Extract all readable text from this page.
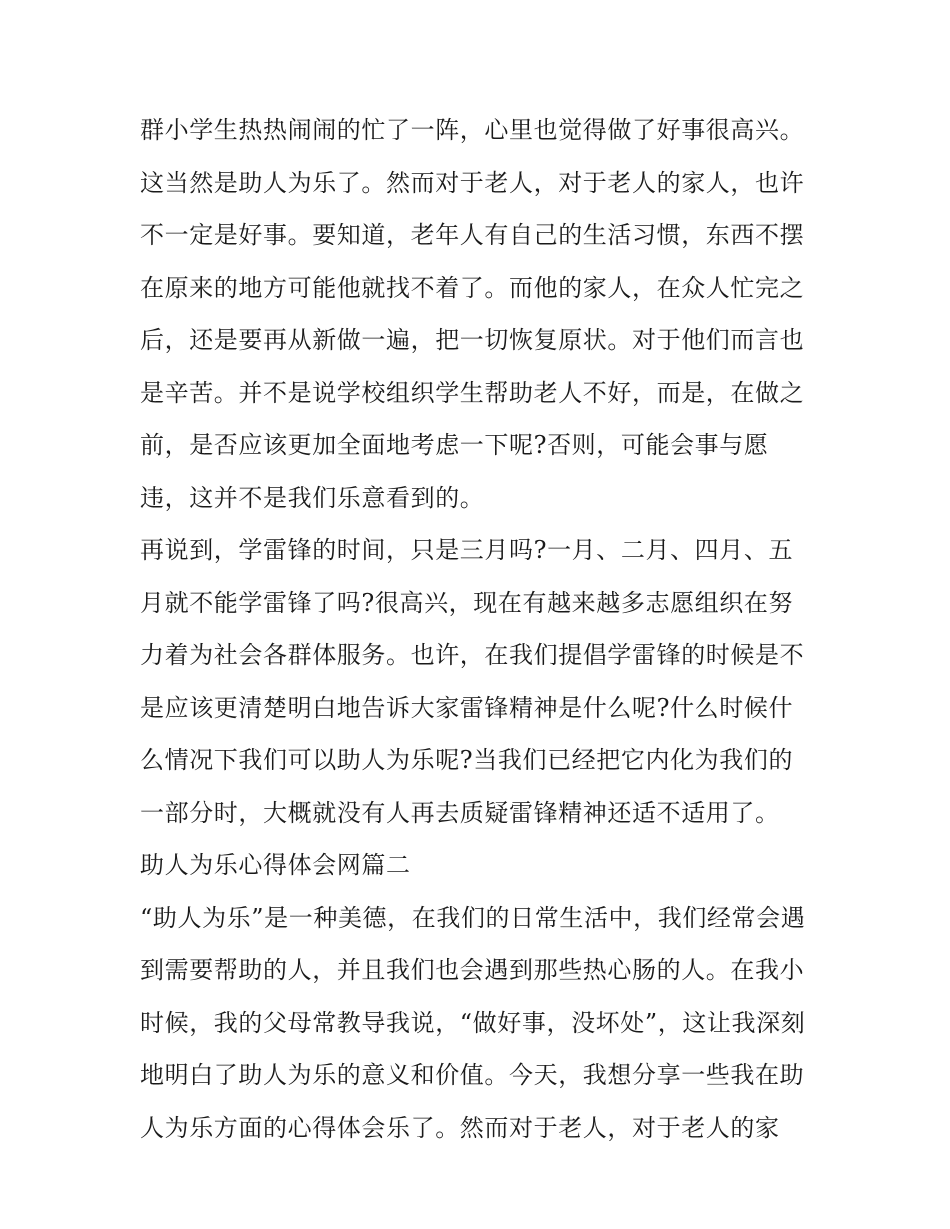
群小学生热热闹闹的忙了一阵，心里也觉得做了好事很高兴。
这当然是助人为乐了。然而对于老人，对于老人的家人，也许
不一定是好事。要知道，老年人有自己的生活习惯，东西不摆
在原来的地方可能他就找不着了。而他的家人，在众人忙完之
后，还是要再从新做一遍，把一切恢复原状。对于他们而言也
是辛苦。并不是说学校组织学生帮助老人不好，而是，在做之
前，是否应该更加全面地考虑一下呢?否则，可能会事与愿
违，这并不是我们乐意看到的。
再说到，学雷锋的时间，只是三月吗?一月、二月、四月、五
月就不能学雷锋了吗?很高兴，现在有越来越多志愿组织在努
力着为社会各群体服务。也许，在我们提倡学雷锋的时候是不
是应该更清楚明白地告诉大家雷锋精神是什么呢?什么时候什
么情况下我们可以助人为乐呢?当我们已经把它内化为我们的
一部分时，大概就没有人再去质疑雷锋精神还适不适用了。
助人为乐心得体会网篇二
“助人为乐”是一种美德，在我们的日常生活中，我们经常会遇
到需要帮助的人，并且我们也会遇到那些热心肠的人。在我小
时候，我的父母常教导我说，“做好事，没坏处”，这让我深刻
地明白了助人为乐的意义和价值。今天，我想分享一些我在助
人为乐方面的心得体会乐了。然而对于老人，对于老人的家
